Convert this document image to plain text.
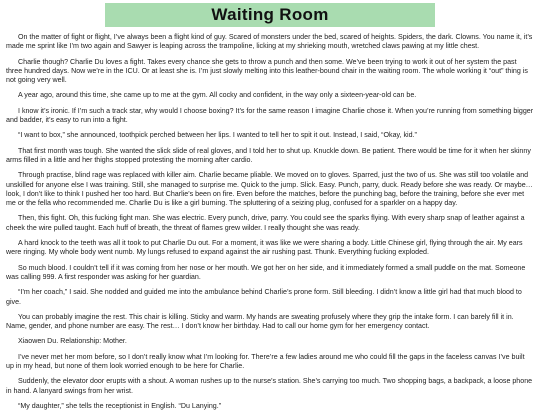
Waiting Room

On the matter of fight or flight, I’ve always been a flight kind of guy. Scared of monsters under the bed, scared of heights. Spiders, the dark. Clowns. You name it, it’s made me sprint like I’m two again and Sawyer is leaping across the trampoline, licking at my shrieking mouth, wretched claws pawing at my little chest.

Charlie though? Charlie Du loves a fight. Takes every chance she gets to throw a punch and then some. We’ve been trying to work it out of her system the past three hundred days. Now we’re in the ICU. Or at least she is. I’m just slowly melting into this leather-bound chair in the waiting room. The whole working it “out” thing is not going very well.

A year ago, around this time, she came up to me at the gym. All cocky and confident, in the way only a sixteen-year-old can be.

I know it’s ironic. If I’m such a track star, why would I choose boxing? It’s for the same reason I imagine Charlie chose it. When you’re running from something bigger and badder, it’s easy to run into a fight.

“I want to box,” she announced, toothpick perched between her lips. I wanted to tell her to spit it out. Instead, I said, “Okay, kid.”

That first month was tough. She wanted the slick slide of real gloves, and I told her to shut up. Knuckle down. Be patient. There would be time for it when her skinny arms filled in a little and her thighs stopped protesting the morning after cardio.

Through practise, blind rage was replaced with killer aim. Charlie became pliable. We moved on to gloves. Sparred, just the two of us. She was still too volatile and unskilled for anyone else I was training. Still, she managed to surprise me. Quick to the jump. Slick. Easy. Punch, parry, duck. Ready before she was ready. Or maybe… look, I don’t like to think I pushed her too hard. But Charlie’s been on fire. Even before the matches, before the punching bag, before the training, before she ever met me or the fella who recommended me. Charlie Du is like a girl burning. The spluttering of a seizing plug, confused for a sparkler on a happy day.

Then, this fight. Oh, this fucking fight man. She was electric. Every punch, drive, parry. You could see the sparks flying. With every sharp snap of leather against a cheek the wire pulled taught. Each huff of breath, the threat of flames grew wilder. I really thought she was ready.

A hard knock to the teeth was all it took to put Charlie Du out. For a moment, it was like we were sharing a body. Little Chinese girl, flying through the air. My ears were ringing. My whole body went numb. My lungs refused to expand against the air rushing past. Thunk. Everything fucking exploded.

So much blood. I couldn’t tell if it was coming from her nose or her mouth. We got her on her side, and it immediately formed a small puddle on the mat. Someone was calling 999. A first responder was asking for her guardian.

“I’m her coach,” I said. She nodded and guided me into the ambulance behind Charlie’s prone form. Still bleeding. I didn’t know a little girl had that much blood to give.

You can probably imagine the rest. This chair is killing. Sticky and warm. My hands are sweating profusely where they grip the intake form. I can barely fill it in. Name, gender, and phone number are easy. The rest… I don’t know her birthday. Had to call our home gym for her emergency contact.

Xiaowen Du. Relationship: Mother.

I’ve never met her mom before, so I don’t really know what I’m looking for. There’re a few ladies around me who could fill the gaps in the faceless canvas I’ve built up in my head, but none of them look worried enough to be here for Charlie.

Suddenly, the elevator door erupts with a shout. A woman rushes up to the nurse’s station. She’s carrying too much. Two shopping bags, a backpack, a loose phone in hand. A lanyard swings from her wrist.

“My daughter,” she tells the receptionist in English. “Du Lanying.”
